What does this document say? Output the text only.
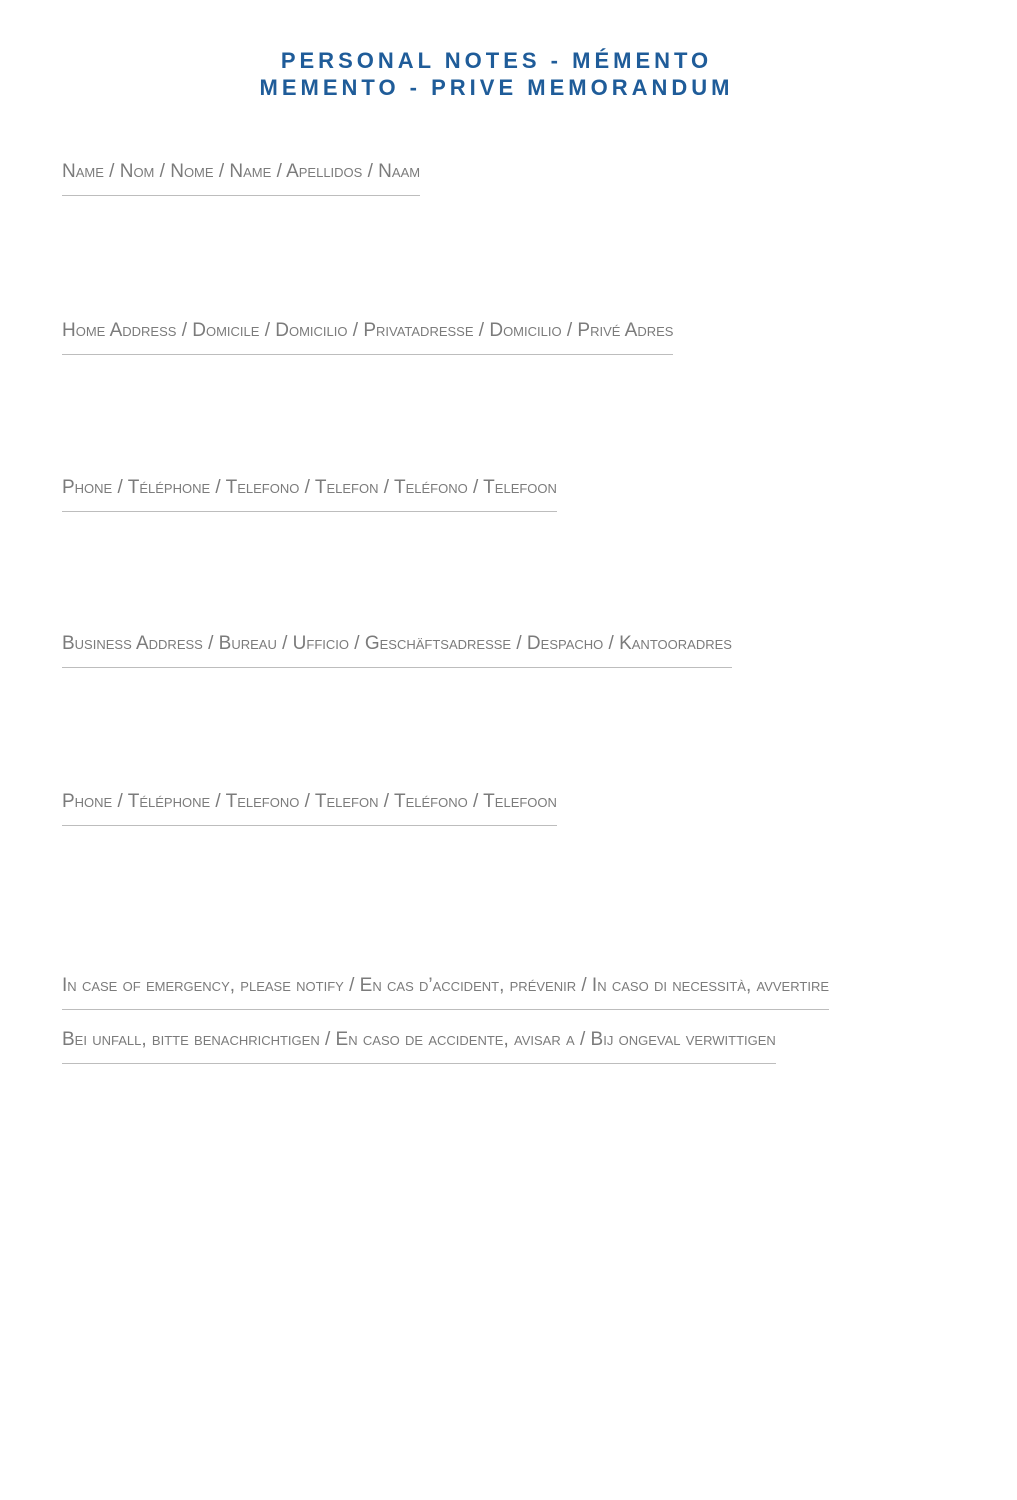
PERSONAL NOTES - MÉMENTO
MEMENTO - PRIVE MEMORANDUM
Name / Nom / Nome / Name / Apellidos / Naam
Home Address / Domicile / Domicilio / Privatadresse / Domicilio / Privé Adres
Phone / Téléphone / Telefono / Telefon / Teléfono / Telefoon
Business Address / Bureau / Ufficio / Geschäftsadresse / Despacho / Kantooradres
Phone / Téléphone / Telefono / Telefon / Teléfono / Telefoon
In case of emergency, please notify / En cas d’accident, prévenir / In caso di necessità, avvertire
Bei unfall, bitte benachrichtigen / En caso de accidente, avisar a / Bij ongeval verwittigen
